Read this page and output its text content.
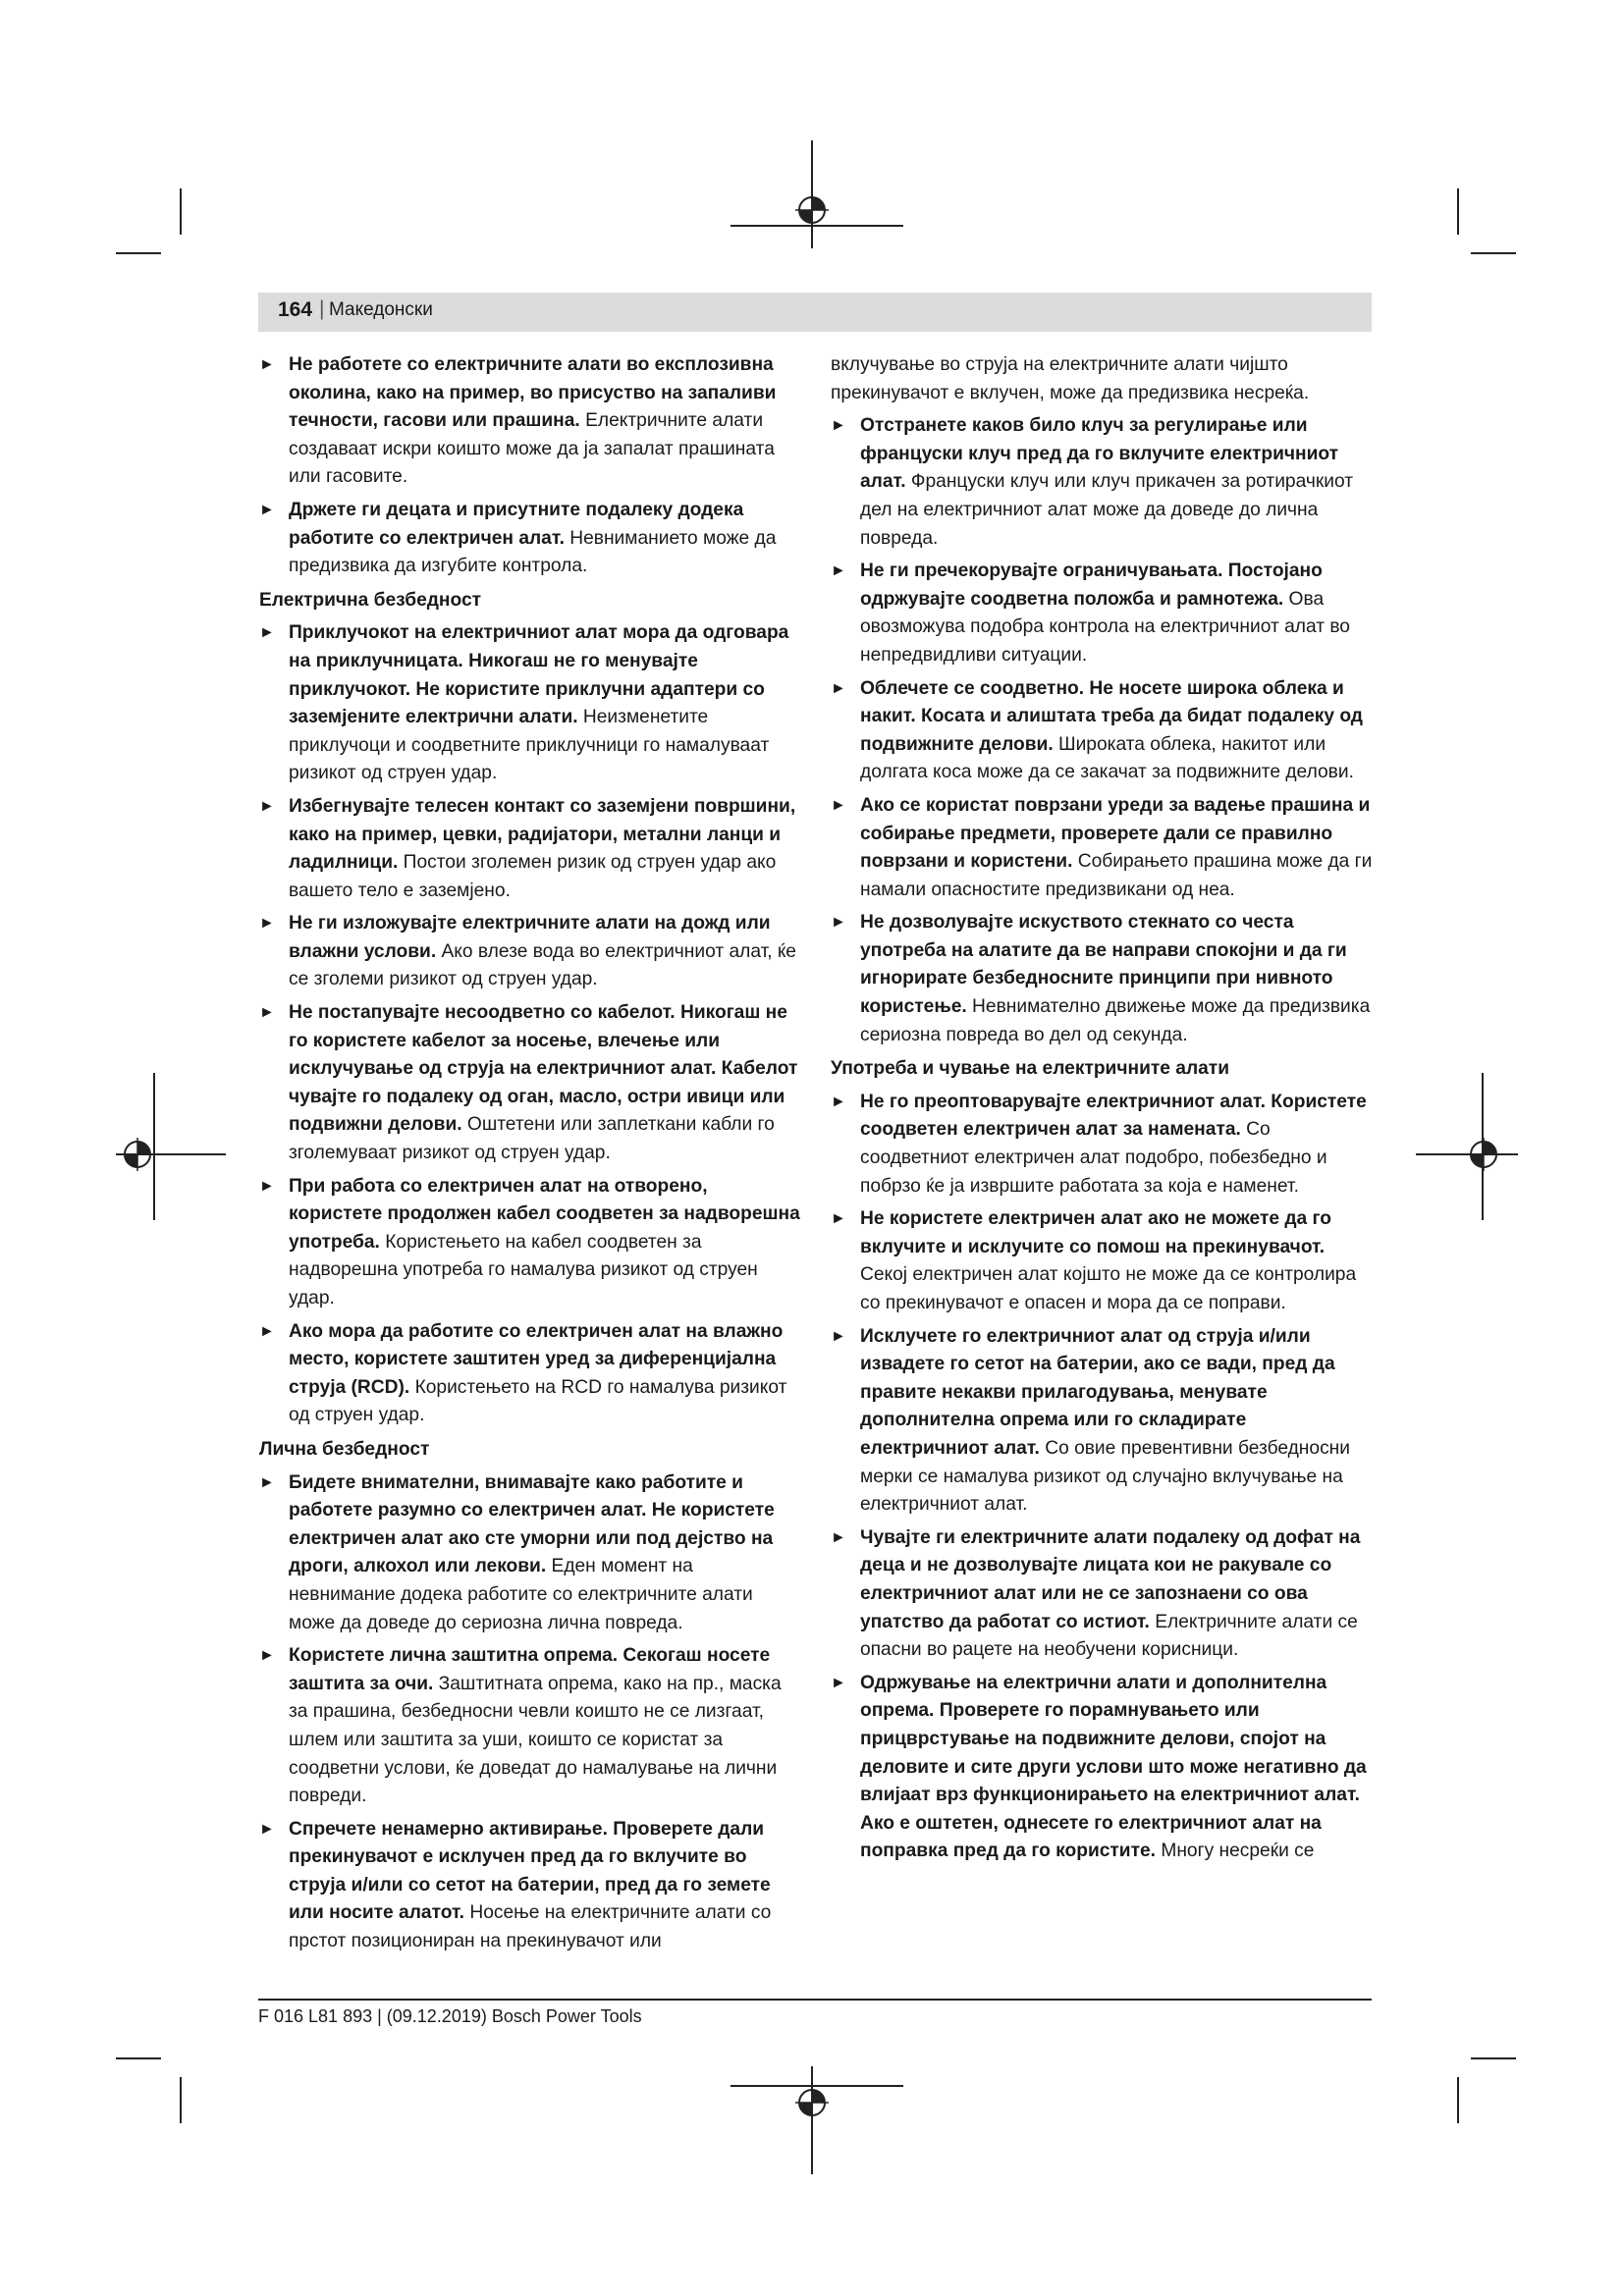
164 | Македонски
► Не работете со електричните алати во експлозивна околина, како на пример, во присуство на запаливи течности, гасови или прашина. Електричните алати создаваат искри коишто може да ја запалат прашината или гасовите.
► Држете ги децата и присутните подалеку додека работите со електричен алат. Невниманието може да предизвика да изгубите контрола.
Електрична безбедност
► Приклучокот на електричниот алат мора да одговара на приклучницата. Никогаш не го менувајте приклучокот. Не користите приклучни адаптери со заземјените електрични алати. Неизменетите приклучоци и соодветните приклучници го намалуваат ризикот од струен удар.
► Избегнувајте телесен контакт со заземјени површини, како на пример, цевки, радијатори, метални ланци и ладилници. Постои зголемен ризик од струен удар ако вашето тело е заземјено.
► Не ги изложувајте електричните алати на дожд или влажни услови. Ако влезе вода во електричниот алат, ќе се зголеми ризикот од струен удар.
► Не постапувајте несоодветно со кабелот. Никогаш не го користете кабелот за носење, влечење или исклучување од струја на електричниот алат. Кабелот чувајте го подалеку од оган, масло, остри ивици или подвижни делови. Оштетени или заплеткани кабли го зголемуваат ризикот од струен удар.
► При работа со електричен алат на отворено, користете продолжен кабел соодветен за надворешна употреба. Користењето на кабел соодветен за надворешна употреба го намалува ризикот од струен удар.
► Ако мора да работите со електричен алат на влажно место, користете заштитен уред за диференцијална струја (RCD). Користењето на RCD го намалува ризикот од струен удар.
Лична безбедност
► Бидете внимателни, внимавајте како работите и работете разумно со електричен алат. Не користете електричен алат ако сте уморни или под дејство на дроги, алкохол или лекови. Еден момент на невнимание додека работите со електричните алати може да доведе до сериозна лична повреда.
► Користете лична заштитна опрема. Секогаш носете заштита за очи. Заштитната опрема, како на пр., маска за прашина, безбедносни чевли коишто не се лизгаат, шлем или заштита за уши, коишто се користат за соодветни услови, ќе доведат до намалување на лични повреди.
► Спречете ненамерно активирање. Проверете дали прекинувачот е исклучен пред да го вклучите во струја и/или со сетот на батерии, пред да го земете или носите алатот. Носење на електричните алати со прстот позициониран на прекинувачот или
вклучување во струја на електричните алати чијшто прекинувачот е вклучен, може да предизвика несреќа.
► Отстранете каков било клуч за регулирање или француски клуч пред да го вклучите електричниот алат. Француски клуч или клуч прикачен за ротирачкиот дел на електричниот алат може да доведе до лична повреда.
► Не ги пречекорувајте ограничувањата. Постојано одржувајте соодветна положба и рамнотежа. Ова овозможува подобра контрола на електричниот алат во непредвидливи ситуации.
► Облечете се соодветно. Не носете широка облека и накит. Косата и алиштата треба да бидат подалеку од подвижните делови. Широката облека, накитот или долгата коса може да се закачат за подвижните делови.
► Ако се користат поврзани уреди за вадење прашина и собирање предмети, проверете дали се правилно поврзани и користени. Собирањето прашина може да ги намали опасностите предизвикани од неа.
► Не дозволувајте искуството стекнато со честа употреба на алатите да ве направи спокојни и да ги игнорирате безбедносните принципи при нивното користење. Невнимателно движење може да предизвика сериозна повреда во дел од секунда.
Употреба и чување на електричните алати
► Не го преоптоварувајте електричниот алат. Користете соодветен електричен алат за намената. Со соодветниот електричен алат подобро, побезбедно и побрзо ќе ја извршите работата за која е наменет.
► Не користете електричен алат ако не можете да го вклучите и исклучите со помош на прекинувачот. Секој електричен алат којшто не може да се контролира со прекинувачот е опасен и мора да се поправи.
► Исклучете го електричниот алат од струја и/или извадете го сетот на батерии, ако се вади, пред да правите некакви прилагодувања, менувате дополнителна опрема или го складирате електричниот алат. Со овие превентивни безбедносни мерки се намалува ризикот од случајно вклучување на електричниот алат.
► Чувајте ги електричните алати подалеку од дофат на деца и не дозволувајте лицата кои не ракувале со електричниот алат или не се запознаени со ова упатство да работат со истиот. Електричните алати се опасни во рацете на необучени корисници.
► Одржување на електрични алати и дополнителна опрема. Проверете го порамнувањето или прицврстување на подвижните делови, спојот на деловите и сите други услови што може негативно да влијаат врз функционирањето на електричниот алат. Ако е оштетен, однесете го електричниот алат на поправка пред да го користите. Многу несреќи се
F 016 L81 893 | (09.12.2019) Bosch Power Tools
